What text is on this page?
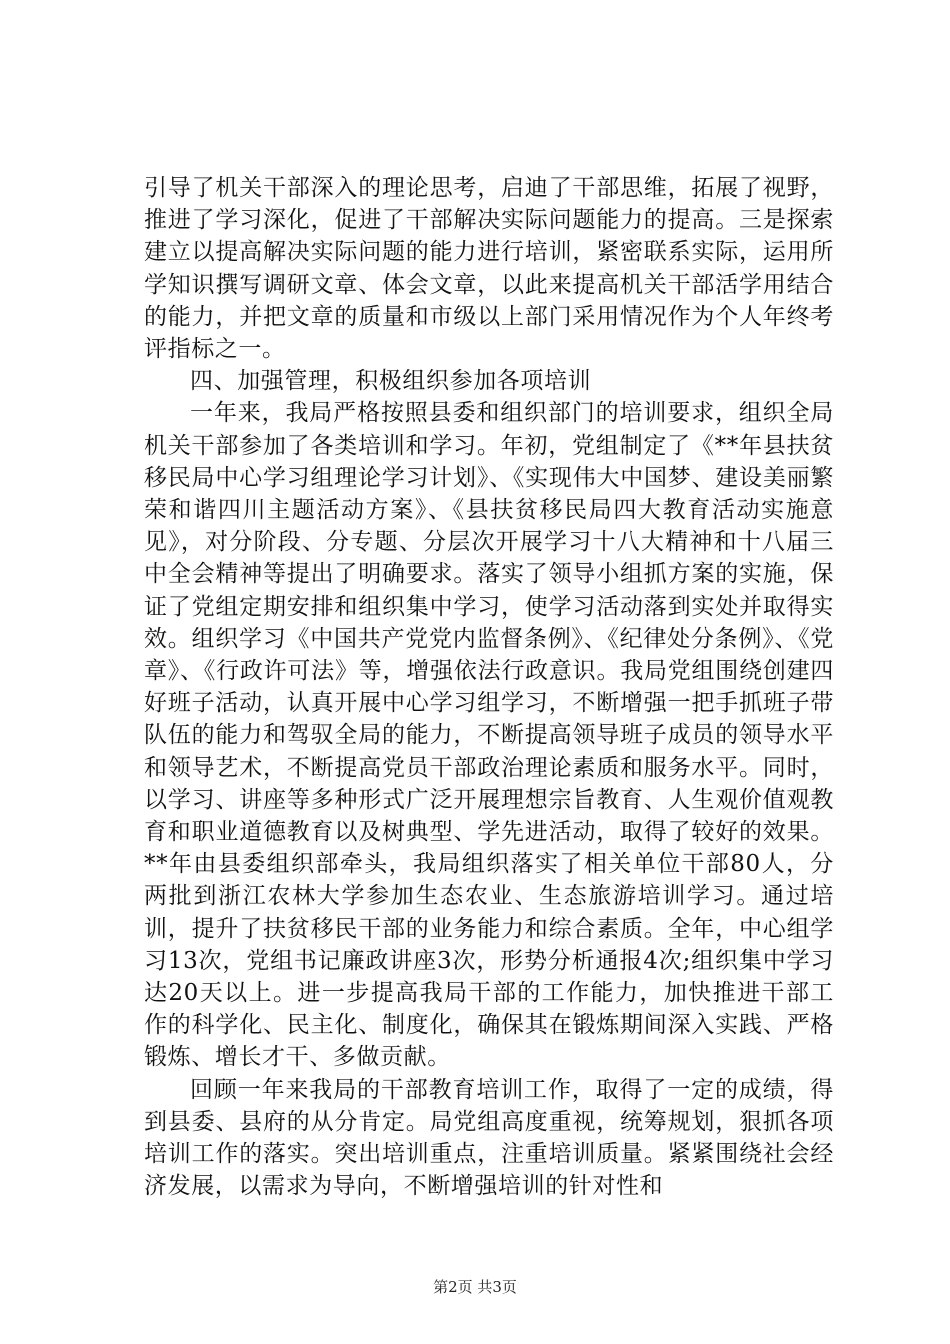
引导了机关干部深入的理论思考，启迪了干部思维，拓展了视野，推进了学习深化，促进了干部解决实际问题能力的提高。三是探索建立以提高解决实际问题的能力进行培训，紧密联系实际，运用所学知识撰写调研文章、体会文章，以此来提高机关干部活学用结合的能力，并把文章的质量和市级以上部门采用情况作为个人年终考评指标之一。

四、加强管理，积极组织参加各项培训

一年来，我局严格按照县委和组织部门的培训要求，组织全局机关干部参加了各类培训和学习。年初，党组制定了《**年县扶贫移民局中心学习组理论学习计划》、《实现伟大中国梦、建设美丽繁荣和谐四川主题活动方案》、《县扶贫移民局四大教育活动实施意见》，对分阶段、分专题、分层次开展学习十八大精神和十八届三中全会精神等提出了明确要求。落实了领导小组抓方案的实施，保证了党组定期安排和组织集中学习，使学习活动落到实处并取得实效。组织学习《中国共产党党内监督条例》、《纪律处分条例》、《党章》、《行政许可法》等，增强依法行政意识。我局党组围绕创建四好班子活动，认真开展中心学习组学习，不断增强一把手抓班子带队伍的能力和驾驭全局的能力，不断提高领导班子成员的领导水平和领导艺术，不断提高党员干部政治理论素质和服务水平。同时，以学习、讲座等多种形式广泛开展理想宗旨教育、人生观价值观教育和职业道德教育以及树典型、学先进活动，取得了较好的效果。**年由县委组织部牵头，我局组织落实了相关单位干部80人，分两批到浙江农林大学参加生态农业、生态旅游培训学习。通过培训，提升了扶贫移民干部的业务能力和综合素质。全年，中心组学习13次，党组书记廉政讲座3次，形势分析通报4次;组织集中学习达20天以上。进一步提高我局干部的工作能力，加快推进干部工作的科学化、民主化、制度化，确保其在锻炼期间深入实践、严格锻炼、增长才干、多做贡献。

回顾一年来我局的干部教育培训工作，取得了一定的成绩，得到县委、县府的从分肯定。局党组高度重视，统筹规划，狠抓各项培训工作的落实。突出培训重点，注重培训质量。紧紧围绕社会经济发展，以需求为导向，不断增强培训的针对性和

第2页 共3页
